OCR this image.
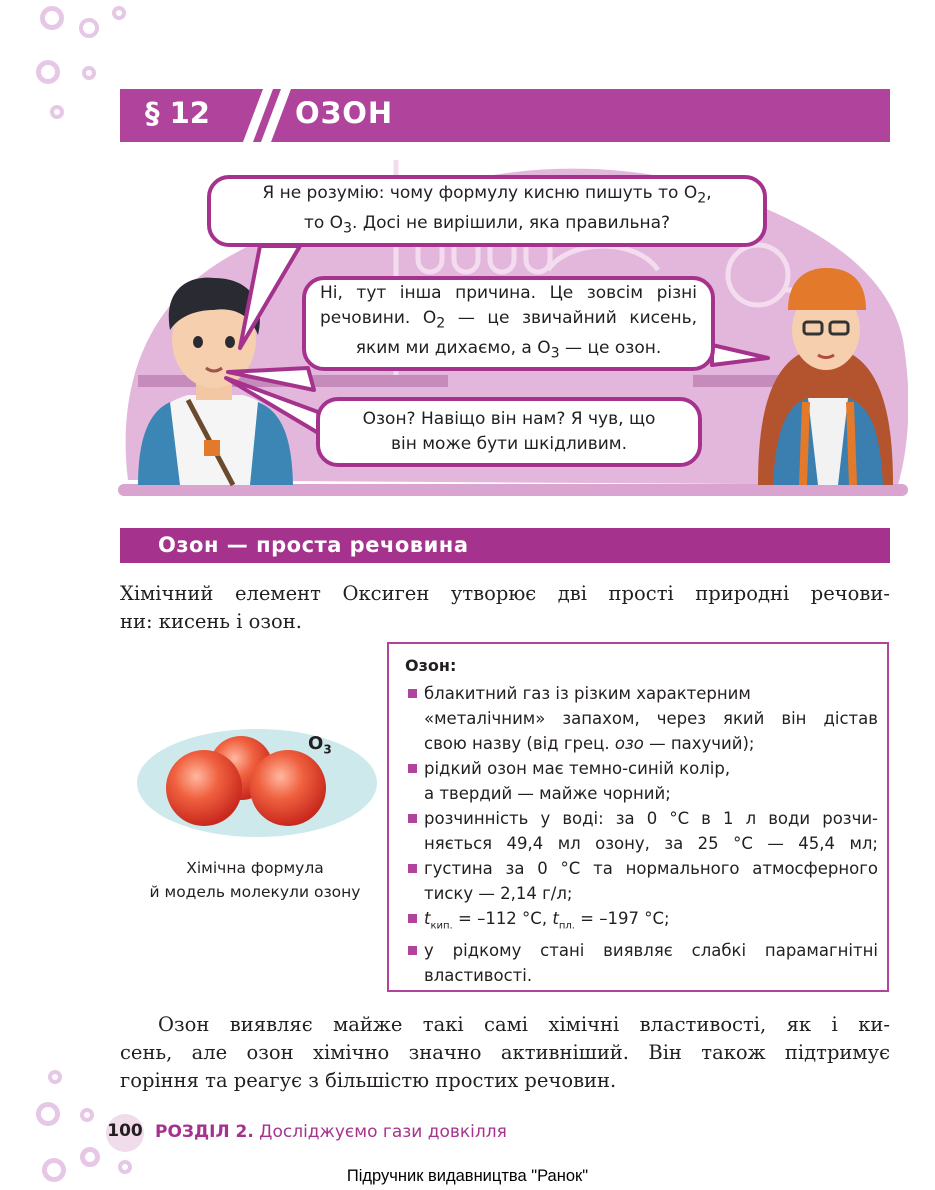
§ 12	ОЗОН
Я не розумію: чому формулу кисню пишуть то $O_2$,
то $O_3$. Досі не вирішили, яка правильна?
Ні, тут інша причина. Це зовсім різні
речовини. $O_2$ — це звичайний кисень,
яким ми дихаємо, а $O_3$ — це озон.
Озон? Навіщо він нам? Я чув, що
він може бути шкідливим.
Озон — проста речовина
Хімічний елемент Оксиген утворює дві прості природні речови-
ни: кисень і озон.
$O_3$
Хімічна формула
й модель молекули озону
Озон:
блакитний газ із різким характерним
«металічним» запахом, через який він дістав
свою назву (від грец. озо — пахучий);
рідкий озон має темно-синій колір,
а твердий — майже чорний;
розчинність у воді: за 0 °C в 1 л води розчи-
няється 49,4 мл озону, за 25 °C — 45,4 мл;
густина за 0 °C та нормального атмосферного
тиску — 2,14 г/л;
$t_{кип.} = -112$ °C, $t_{пл.} = -197$ °C;
у рідкому стані виявляє слабкі парамагнітні
властивості.
Озон виявляє майже такі самі хімічні властивості, як і ки-
сень, але озон хімічно значно активніший. Він також підтримує
горіння та реагує з більшістю простих речовин.
100 РОЗДІЛ 2. Досліджуємо гази довкілля
Підручник видавництва "Ранок"
